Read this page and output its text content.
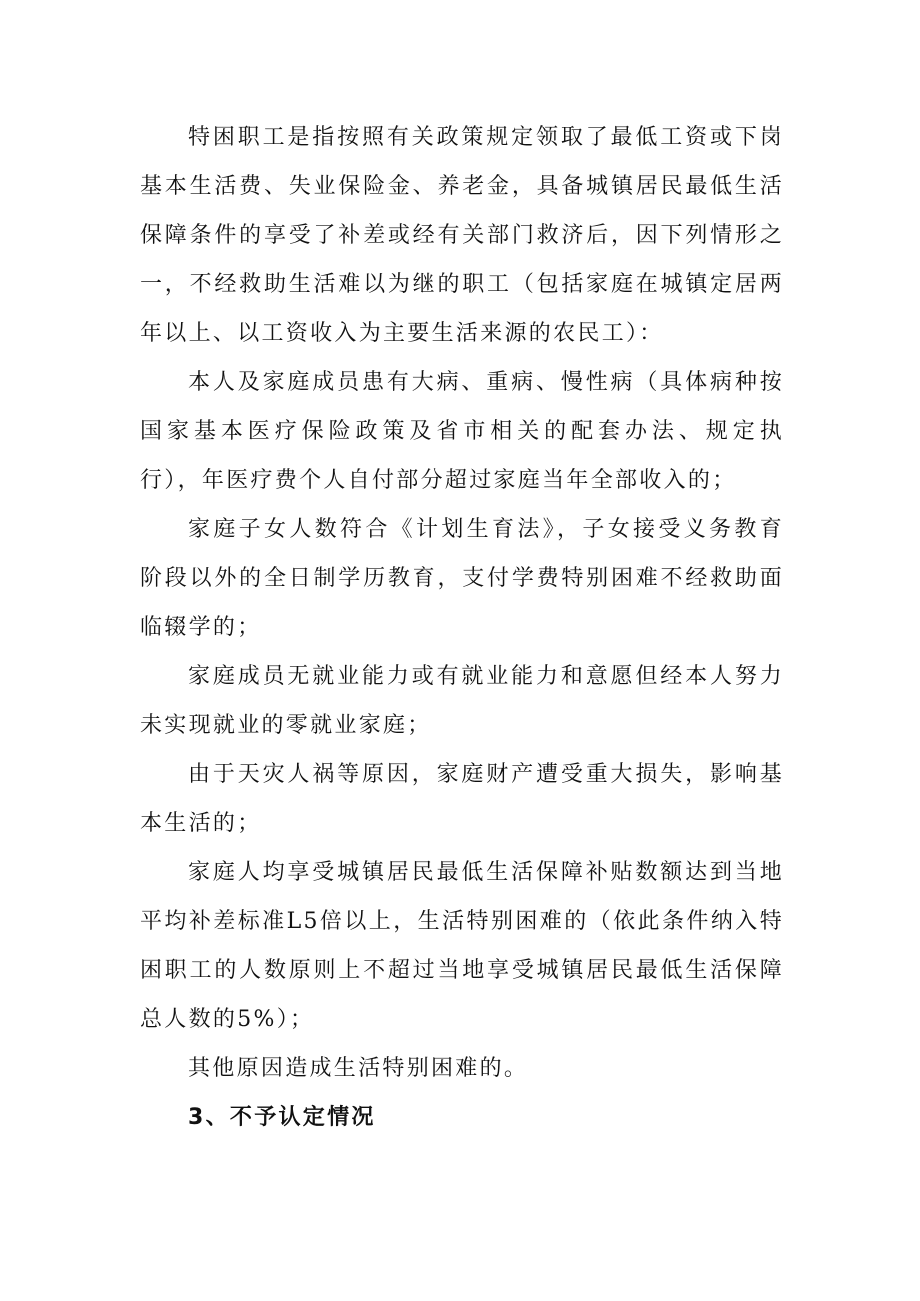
特困职工是指按照有关政策规定领取了最低工资或下岗基本生活费、失业保险金、养老金，具备城镇居民最低生活保障条件的享受了补差或经有关部门救济后，因下列情形之一，不经救助生活难以为继的职工（包括家庭在城镇定居两年以上、以工资收入为主要生活来源的农民工）：

本人及家庭成员患有大病、重病、慢性病（具体病种按国家基本医疗保险政策及省市相关的配套办法、规定执行），年医疗费个人自付部分超过家庭当年全部收入的；

家庭子女人数符合《计划生育法》，子女接受义务教育阶段以外的全日制学历教育，支付学费特别困难不经救助面临辍学的；

家庭成员无就业能力或有就业能力和意愿但经本人努力未实现就业的零就业家庭；

由于天灾人祸等原因，家庭财产遭受重大损失，影响基本生活的；

家庭人均享受城镇居民最低生活保障补贴数额达到当地平均补差标准L5倍以上，生活特别困难的（依此条件纳入特困职工的人数原则上不超过当地享受城镇居民最低生活保障总人数的5%）；

其他原因造成生活特别困难的。

3、不予认定情况
